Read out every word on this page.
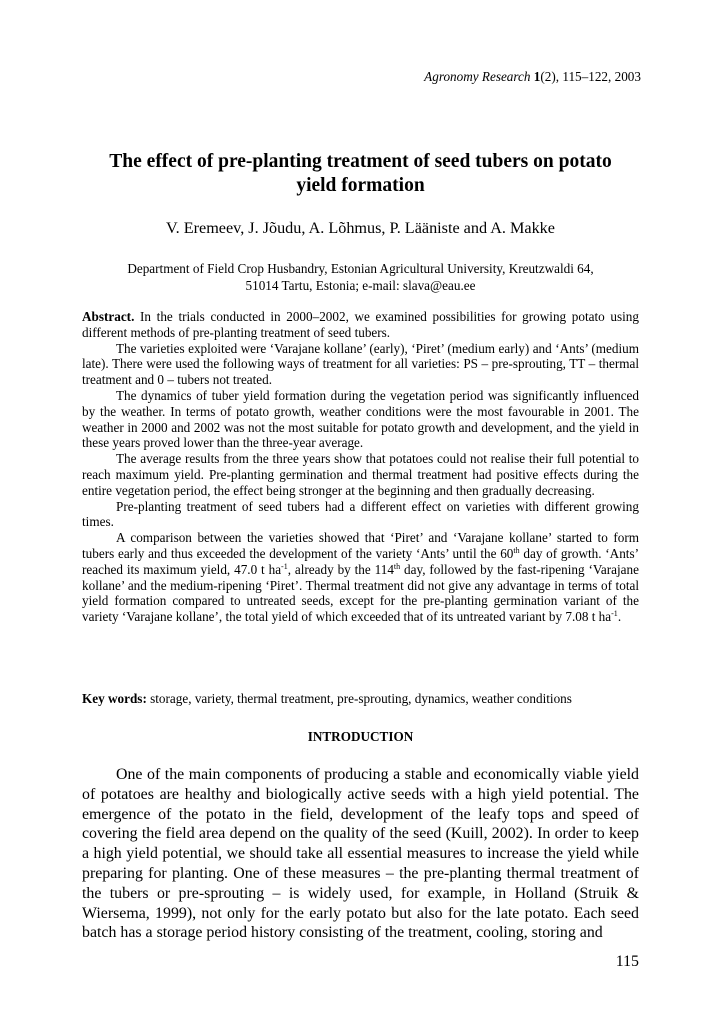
Agronomy Research 1(2), 115–122, 2003
The effect of pre-planting treatment of seed tubers on potato
yield formation
V. Eremeev, J. Jõudu, A. Lõhmus, P. Lääniste and A. Makke
Department of Field Crop Husbandry, Estonian Agricultural University, Kreutzwaldi 64,
51014 Tartu, Estonia; e-mail: slava@eau.ee

Abstract. In the trials conducted in 2000–2002, we examined possibilities for growing potato using different methods of pre-planting treatment of seed tubers.

The varieties exploited were ‘Varajane kollane’ (early), ‘Piret’ (medium early) and ‘Ants’ (medium late). There were used the following ways of treatment for all varieties: PS – pre-sprouting, TT – thermal treatment and 0 – tubers not treated.

The dynamics of tuber yield formation during the vegetation period was significantly influenced by the weather. In terms of potato growth, weather conditions were the most favourable in 2001. The weather in 2000 and 2002 was not the most suitable for potato growth and development, and the yield in these years proved lower than the three-year average.

The average results from the three years show that potatoes could not realise their full potential to reach maximum yield. Pre-planting germination and thermal treatment had positive effects during the entire vegetation period, the effect being stronger at the beginning and then gradually decreasing.

Pre-planting treatment of seed tubers had a different effect on varieties with different growing times.

A comparison between the varieties showed that ‘Piret’ and ‘Varajane kollane’ started to form tubers early and thus exceeded the development of the variety ‘Ants’ until the 60th day of growth. ‘Ants’ reached its maximum yield, 47.0 t $ha^{-1}$, already by the 114th day, followed by the fast-ripening ‘Varajane kollane’ and the medium-ripening ‘Piret’. Thermal treatment did not give any advantage in terms of total yield formation compared to untreated seeds, except for the pre-planting germination variant of the variety ‘Varajane kollane’, the total yield of which exceeded that of its untreated variant by 7.08 t $ha^{-1}$.

Key words: storage, variety, thermal treatment, pre-sprouting, dynamics, weather conditions
INTRODUCTION

One of the main components of producing a stable and economically viable yield of potatoes are healthy and biologically active seeds with a high yield potential. The emergence of the potato in the field, development of the leafy tops and speed of covering the field area depend on the quality of the seed (Kuill, 2002). In order to keep a high yield potential, we should take all essential measures to increase the yield while preparing for planting. One of these measures – the pre-planting thermal treatment of the tubers or pre-sprouting – is widely used, for example, in Holland (Struik & Wiersema, 1999), not only for the early potato but also for the late potato. Each seed batch has a storage period history consisting of the treatment, cooling, storing and

115
